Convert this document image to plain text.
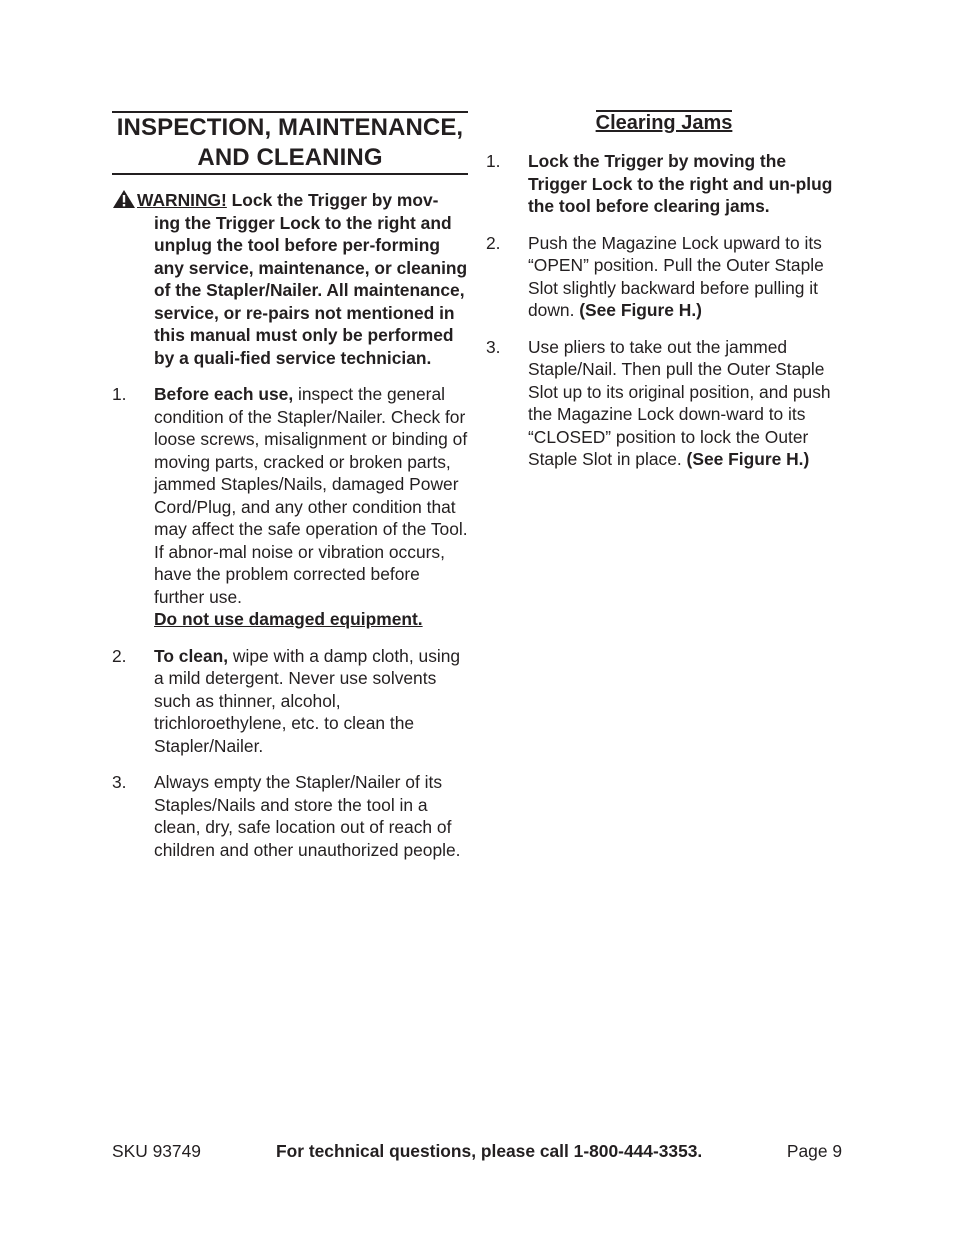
INSPECTION, MAINTENANCE,
AND CLEANING
WARNING! Lock the Trigger by mov-
ing the Trigger Lock to the right and unplug the tool before per-forming any service, maintenance, or cleaning of the Stapler/Nailer. All maintenance, service, or re-pairs not mentioned in this manual must only be performed by a quali-fied service technician.
1.	Before each use, inspect the general condition of the Stapler/Nailer. Check for loose screws, misalignment or binding of moving parts, cracked or broken parts, jammed Staples/Nails, damaged Power Cord/Plug, and any other condition that may affect the safe operation of the Tool. If abnor-mal noise or vibration occurs, have the problem corrected before further use.
Do not use damaged equipment.
2.	To clean, wipe with a damp cloth, using a mild detergent. Never use solvents such as thinner, alcohol, trichloroethylene, etc. to clean the Stapler/Nailer.
3.	Always empty the Stapler/Nailer of its Staples/Nails and store the tool in a clean, dry, safe location out of reach of children and other unauthorized people.
Clearing Jams
1.	Lock the Trigger by moving the Trigger Lock to the right and un-plug the tool before clearing jams.
2.	Push the Magazine Lock upward to its “OPEN” position. Pull the Outer Staple Slot slightly backward before pulling it down. (See Figure H.)
3.	Use pliers to take out the jammed Staple/Nail. Then pull the Outer Staple Slot up to its original position, and push the Magazine Lock down-ward to its “CLOSED” position to lock the Outer Staple Slot in place. (See Figure H.)
SKU 93749	For technical questions, please call 1-800-444-3353.	Page 9
